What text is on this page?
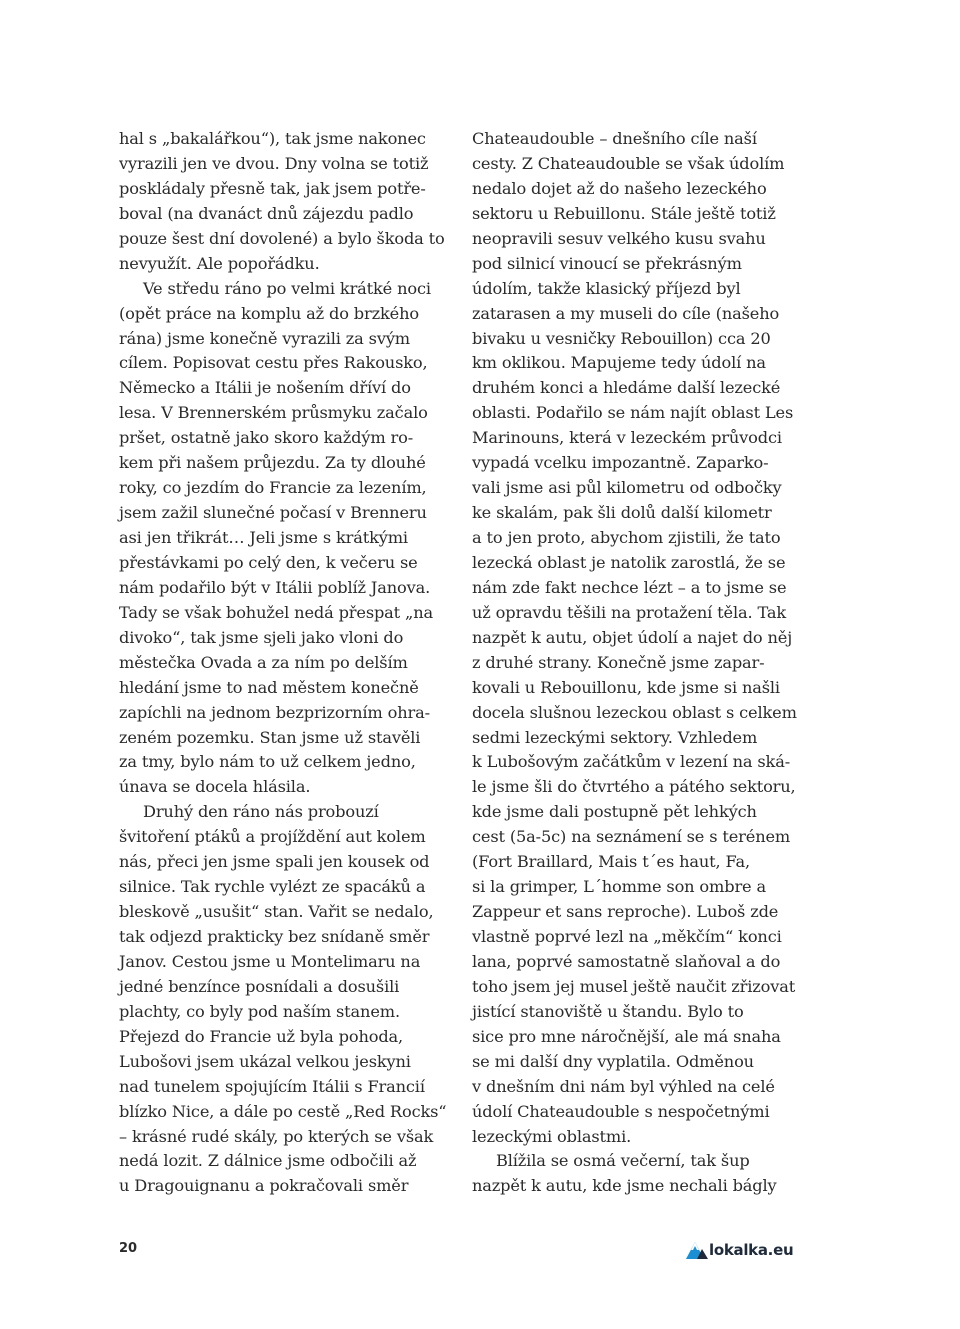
hal s „bakalářkou“), tak jsme nakonec
vyrazili jen ve dvou. Dny volna se totiž
poskládaly přesně tak, jak jsem potře-
boval (na dvanáct dnů zájezdu padlo
pouze šest dní dovolené) a bylo škoda to
nevyužít. Ale popořádku.
Ve středu ráno po velmi krátké noci
(opět práce na komplu až do brzkého
rána) jsme konečně vyrazili za svým
cílem. Popisovat cestu přes Rakousko,
Německo a Itálii je nošením dříví do
lesa. V Brennerském průsmyku začalo
pršet, ostatně jako skoro každým ro-
kem při našem průjezdu. Za ty dlouhé
roky, co jezdím do Francie za lezením,
jsem zažil slunečné počasí v Brenneru
asi jen třikrát… Jeli jsme s krátkými
přestávkami po celý den, k večeru se
nám podařilo být v Itálii poblíž Janova.
Tady se však bohužel nedá přespat „na
divoko“, tak jsme sjeli jako vloni do
městečka Ovada a za ním po delším
hledání jsme to nad městem konečně
zapíchli na jednom bezprizorním ohra-
zeném pozemku. Stan jsme už stavěli
za tmy, bylo nám to už celkem jedno,
únava se docela hlásila.
Druhý den ráno nás probouzí
švitoření ptáků a projíždění aut kolem
nás, přeci jen jsme spali jen kousek od
silnice. Tak rychle vylézt ze spacáků a
bleskově „usušit“ stan. Vařit se nedalo,
tak odjezd prakticky bez snídaně směr
Janov. Cestou jsme u Montelimaru na
jedné benzínce posnídali a dosušili
plachty, co byly pod naším stanem.
Přejezd do Francie už byla pohoda,
Lubošovi jsem ukázal velkou jeskyni
nad tunelem spojujícím Itálii s Francií
blízko Nice, a dále po cestě „Red Rocks“
– krásné rudé skály, po kterých se však
nedá lozit. Z dálnice jsme odbočili až
u Dragouignanu a pokračovali směr
Chateaudouble – dnešního cíle naší
cesty. Z Chateaudouble se však údolím
nedalo dojet až do našeho lezeckého
sektoru u Rebuillonu. Stále ještě totiž
neopravili sesuv velkého kusu svahu
pod silnicí vinoucí se překrásným
údolím, takže klasický příjezd byl
zatarasen a my museli do cíle (našeho
bivaku u vesničky Rebouillon) cca 20
km oklikou. Mapujeme tedy údolí na
druhém konci a hledáme další lezecké
oblasti. Podařilo se nám najít oblast Les
Marinouns, která v lezeckém průvodci
vypadá vcelku impozantně. Zaparko-
vali jsme asi půl kilometru od odbočky
ke skalám, pak šli dolů další kilometr
a to jen proto, abychom zjistili, že tato
lezecká oblast je natolik zarostlá, že se
nám zde fakt nechce lézt – a to jsme se
už opravdu těšili na protažení těla. Tak
nazpět k autu, objet údolí a najet do něj
z druhé strany. Konečně jsme zapar-
kovali u Rebouillonu, kde jsme si našli
docela slušnou lezeckou oblast s celkem
sedmi lezeckými sektory. Vzhledem
k Lubošovým začátkům v lezení na ská-
le jsme šli do čtvrtého a pátého sektoru,
kde jsme dali postupně pět lehkých
cest (5a-5c) na seznámení se s terénem
(Fort Braillard, Mais t´es haut, Fa,
si la grimper, L´homme son ombre a
Zappeur et sans reproche). Luboš zde
vlastně poprvé lezl na „měkčím“ konci
lana, poprvé samostatně slaňoval a do
toho jsem jej musel ještě naučit zřizovat
jistící stanoviště u štandu. Bylo to
sice pro mne náročnější, ale má snaha
se mi další dny vyplatila. Odměnou
v dnešním dni nám byl výhled na celé
údolí Chateaudouble s nespočetnými
lezeckými oblastmi.
Blížila se osmá večerní, tak šup
nazpět k autu, kde jsme nechali bágly
20	lokalka.eu
